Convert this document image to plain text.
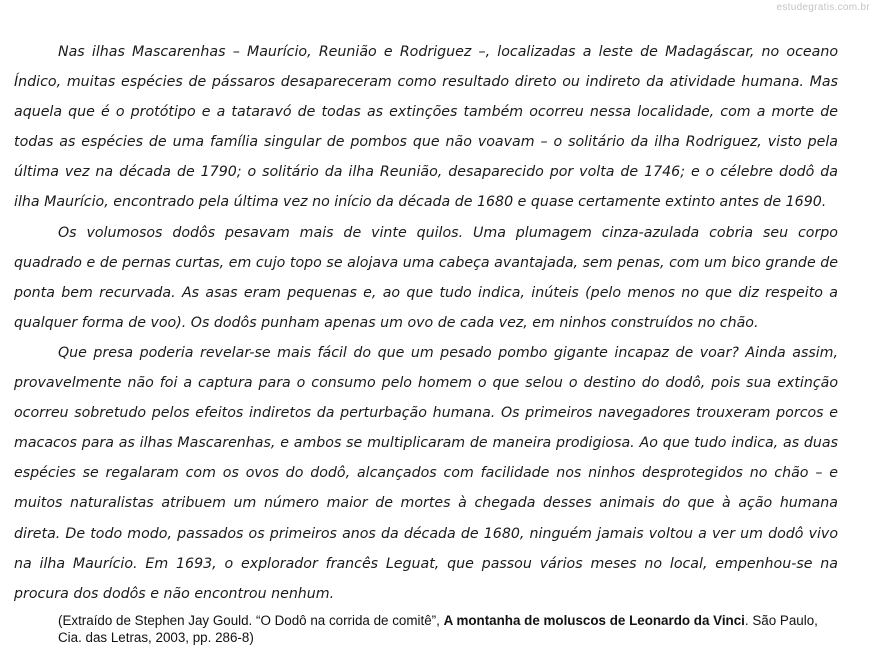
estudegratis.com.br

Nas ilhas Mascarenhas – Maurício, Reunião e Rodriguez –, localizadas a leste de Madagáscar, no oceano Índico, muitas espécies de pássaros desapareceram como resultado direto ou indireto da atividade humana. Mas aquela que é o protótipo e a tataravó de todas as extinções também ocorreu nessa localidade, com a morte de todas as espécies de uma família singular de pombos que não voavam – o solitário da ilha Rodriguez, visto pela última vez na década de 1790; o solitário da ilha Reunião, desaparecido por volta de 1746; e o célebre dodô da ilha Maurício, encontrado pela última vez no início da década de 1680 e quase certamente extinto antes de 1690.

Os volumosos dodôs pesavam mais de vinte quilos. Uma plumagem cinza-azulada cobria seu corpo quadrado e de pernas curtas, em cujo topo se alojava uma cabeça avantajada, sem penas, com um bico grande de ponta bem recurvada. As asas eram pequenas e, ao que tudo indica, inúteis (pelo menos no que diz respeito a qualquer forma de voo). Os dodôs punham apenas um ovo de cada vez, em ninhos construídos no chão.

Que presa poderia revelar-se mais fácil do que um pesado pombo gigante incapaz de voar? Ainda assim, provavelmente não foi a captura para o consumo pelo homem o que selou o destino do dodô, pois sua extinção ocorreu sobretudo pelos efeitos indiretos da perturbação humana. Os primeiros navegadores trouxeram porcos e macacos para as ilhas Mascarenhas, e ambos se multiplicaram de maneira prodigiosa. Ao que tudo indica, as duas espécies se regalaram com os ovos do dodô, alcançados com facilidade nos ninhos desprotegidos no chão – e muitos naturalistas atribuem um número maior de mortes à chegada desses animais do que à ação humana direta. De todo modo, passados os primeiros anos da década de 1680, ninguém jamais voltou a ver um dodô vivo na ilha Maurício. Em 1693, o explorador francês Leguat, que passou vários meses no local, empenhou-se na procura dos dodôs e não encontrou nenhum.

(Extraído de Stephen Jay Gould. “O Dodô na corrida de comitê”, A montanha de moluscos de Leonardo da Vinci. São Paulo, Cia. das Letras, 2003, pp. 286-8)
